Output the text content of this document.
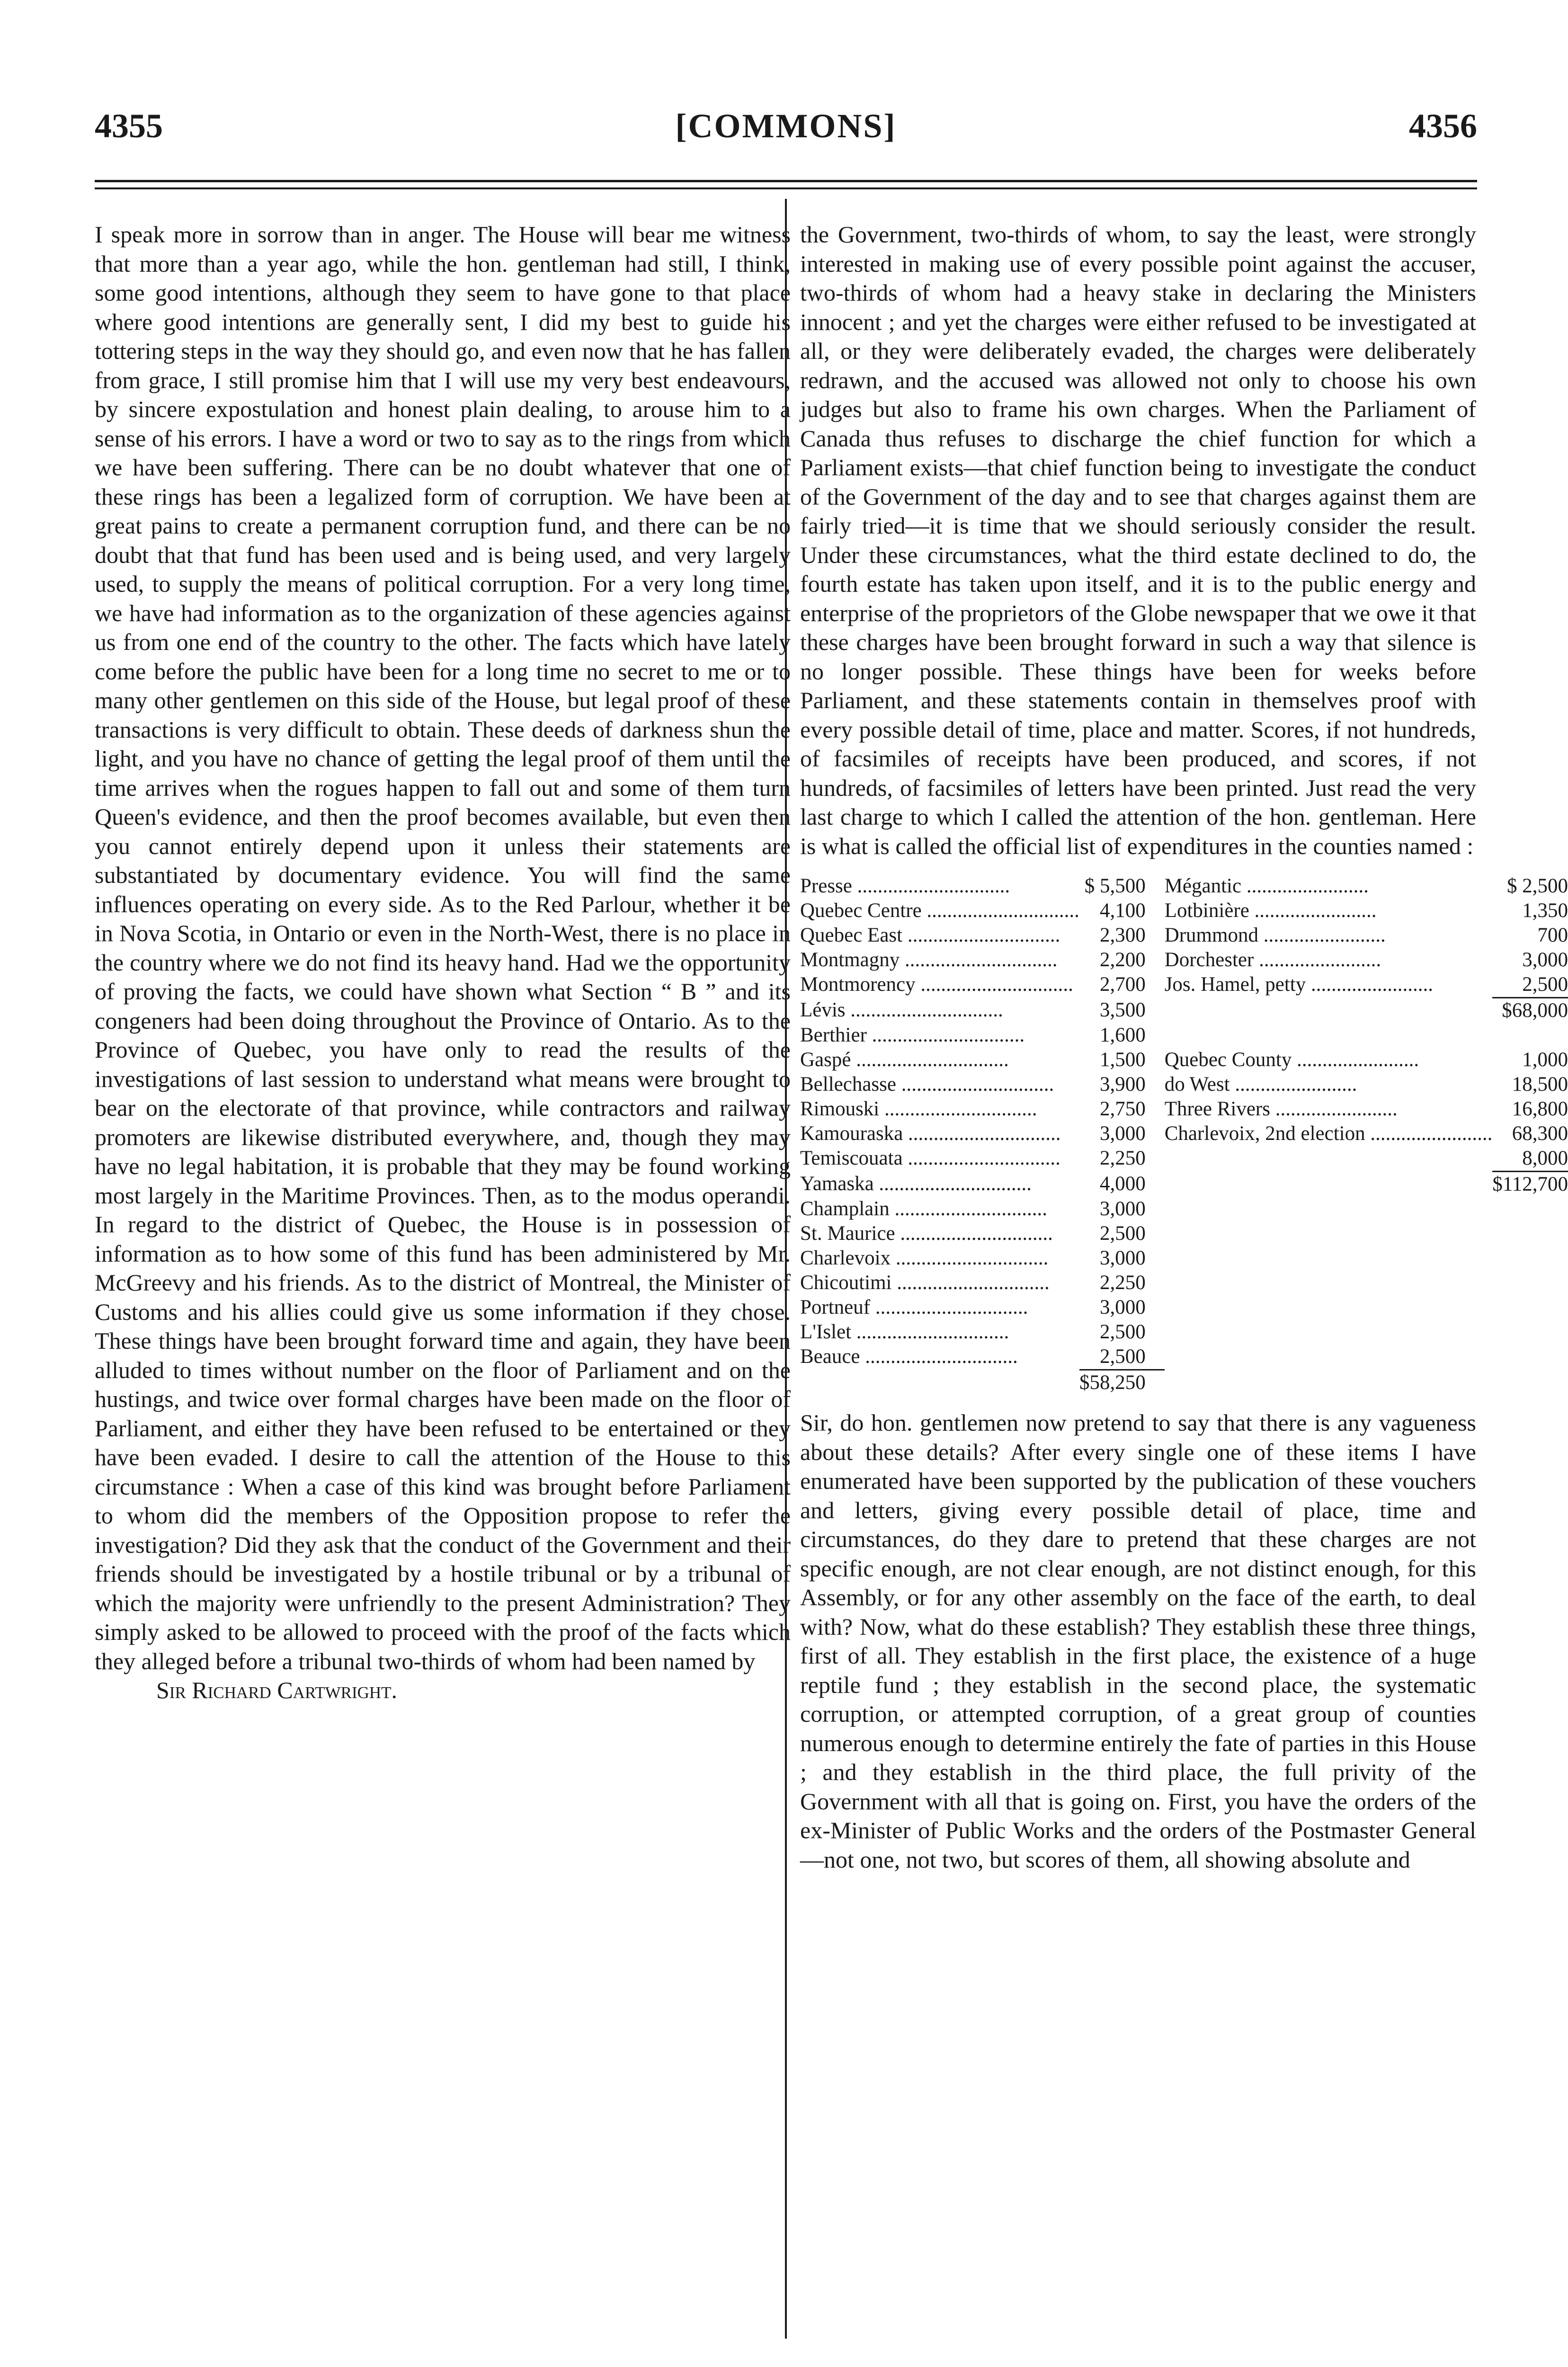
4355	[COMMONS]	4356

I speak more in sorrow than in anger. The House will bear me witness that more than a year ago, while the hon. gentleman had still, I think, some good intentions, although they seem to have gone to that place where good intentions are generally sent, I did my best to guide his tottering steps in the way they should go, and even now that he has fallen from grace, I still promise him that I will use my very best endeavours, by sincere expostulation and honest plain dealing, to arouse him to a sense of his errors. I have a word or two to say as to the rings from which we have been suffering. There can be no doubt whatever that one of these rings has been a legalized form of corruption. We have been at great pains to create a permanent corruption fund, and there can be no doubt that that fund has been used and is being used, and very largely used, to supply the means of political corruption. For a very long time, we have had information as to the organization of these agencies against us from one end of the country to the other. The facts which have lately come before the public have been for a long time no secret to me or to many other gentlemen on this side of the House, but legal proof of these transactions is very difficult to obtain. These deeds of darkness shun the light, and you have no chance of getting the legal proof of them until the time arrives when the rogues happen to fall out and some of them turn Queen's evidence, and then the proof becomes available, but even then you cannot entirely depend upon it unless their statements are substantiated by documentary evidence. You will find the same influences operating on every side. As to the Red Parlour, whether it be in Nova Scotia, in Ontario or even in the North-West, there is no place in the country where we do not find its heavy hand. Had we the opportunity of proving the facts, we could have shown what Section “ B ” and its congeners had been doing throughout the Province of Ontario. As to the Province of Quebec, you have only to read the results of the investigations of last session to understand what means were brought to bear on the electorate of that province, while contractors and railway promoters are likewise distributed everywhere, and, though they may have no legal habitation, it is probable that they may be found working most largely in the Maritime Provinces. Then, as to the modus operandi. In regard to the district of Quebec, the House is in possession of information as to how some of this fund has been administered by Mr. McGreevy and his friends. As to the district of Montreal, the Minister of Customs and his allies could give us some information if they chose. These things have been brought forward time and again, they have been alluded to times without number on the floor of Parliament and on the hustings, and twice over formal charges have been made on the floor of Parliament, and either they have been refused to be entertained or they have been evaded. I desire to call the attention of the House to this circumstance : When a case of this kind was brought before Parliament to whom did the members of the Opposition propose to refer the investigation? Did they ask that the conduct of the Government and their friends should be investigated by a hostile tribunal or by a tribunal of which the majority were unfriendly to the present Administration? They simply asked to be allowed to proceed with the proof of the facts which they alleged before a tribunal two-thirds of whom had been named by

Sir Richard Cartwright.

the Government, two-thirds of whom, to say the least, were strongly interested in making use of every possible point against the accuser, two-thirds of whom had a heavy stake in declaring the Ministers innocent ; and yet the charges were either refused to be investigated at all, or they were deliberately evaded, the charges were deliberately redrawn, and the accused was allowed not only to choose his own judges but also to frame his own charges. When the Parliament of Canada thus refuses to discharge the chief function for which a Parliament exists—that chief function being to investigate the conduct of the Government of the day and to see that charges against them are fairly tried—it is time that we should seriously consider the result. Under these circumstances, what the third estate declined to do, the fourth estate has taken upon itself, and it is to the public energy and enterprise of the proprietors of the Globe newspaper that we owe it that these charges have been brought forward in such a way that silence is no longer possible. These things have been for weeks before Parliament, and these statements contain in themselves proof with every possible detail of time, place and matter. Scores, if not hundreds, of facsimiles of receipts have been produced, and scores, if not hundreds, of facsimiles of letters have been printed. Just read the very last charge to which I called the attention of the hon. gentleman. Here is what is called the official list of expenditures in the counties named :

Presse ..............................	$ 5,500	Mégantic ........................	$ 2,500
Quebec Centre ..............................	4,100	Lotbinière ........................	1,350
Quebec East ..............................	2,300	Drummond ........................	700
Montmagny ..............................	2,200	Dorchester ........................	3,000
Montmorency ..............................	2,700	Jos. Hamel, petty ........................	2,500
Lévis ..............................	3,500		$68,000
Berthier ..............................	1,600		
Gaspé ..............................	1,500	Quebec County ........................	1,000
Bellechasse ..............................	3,900	do West ........................	18,500
Rimouski ..............................	2,750	Three Rivers ........................	16,800
Kamouraska ..............................	3,000	Charlevoix, 2nd election ........................	68,300
Temiscouata ..............................	2,250		8,000
Yamaska ..............................	4,000		$112,700
Champlain ..............................	3,000		
St. Maurice ..............................	2,500		
Charlevoix ..............................	3,000		
Chicoutimi ..............................	2,250		
Portneuf ..............................	3,000		
L'Islet ..............................	2,500		
Beauce ..............................	2,500		

	$58,250		

Sir, do hon. gentlemen now pretend to say that there is any vagueness about these details? After every single one of these items I have enumerated have been supported by the publication of these vouchers and letters, giving every possible detail of place, time and circumstances, do they dare to pretend that these charges are not specific enough, are not clear enough, are not distinct enough, for this Assembly, or for any other assembly on the face of the earth, to deal with? Now, what do these establish? They establish these three things, first of all. They establish in the first place, the existence of a huge reptile fund ; they establish in the second place, the systematic corruption, or attempted corruption, of a great group of counties numerous enough to determine entirely the fate of parties in this House ; and they establish in the third place, the full privity of the Government with all that is going on. First, you have the orders of the ex-Minister of Public Works and the orders of the Postmaster General—not one, not two, but scores of them, all showing absolute and
